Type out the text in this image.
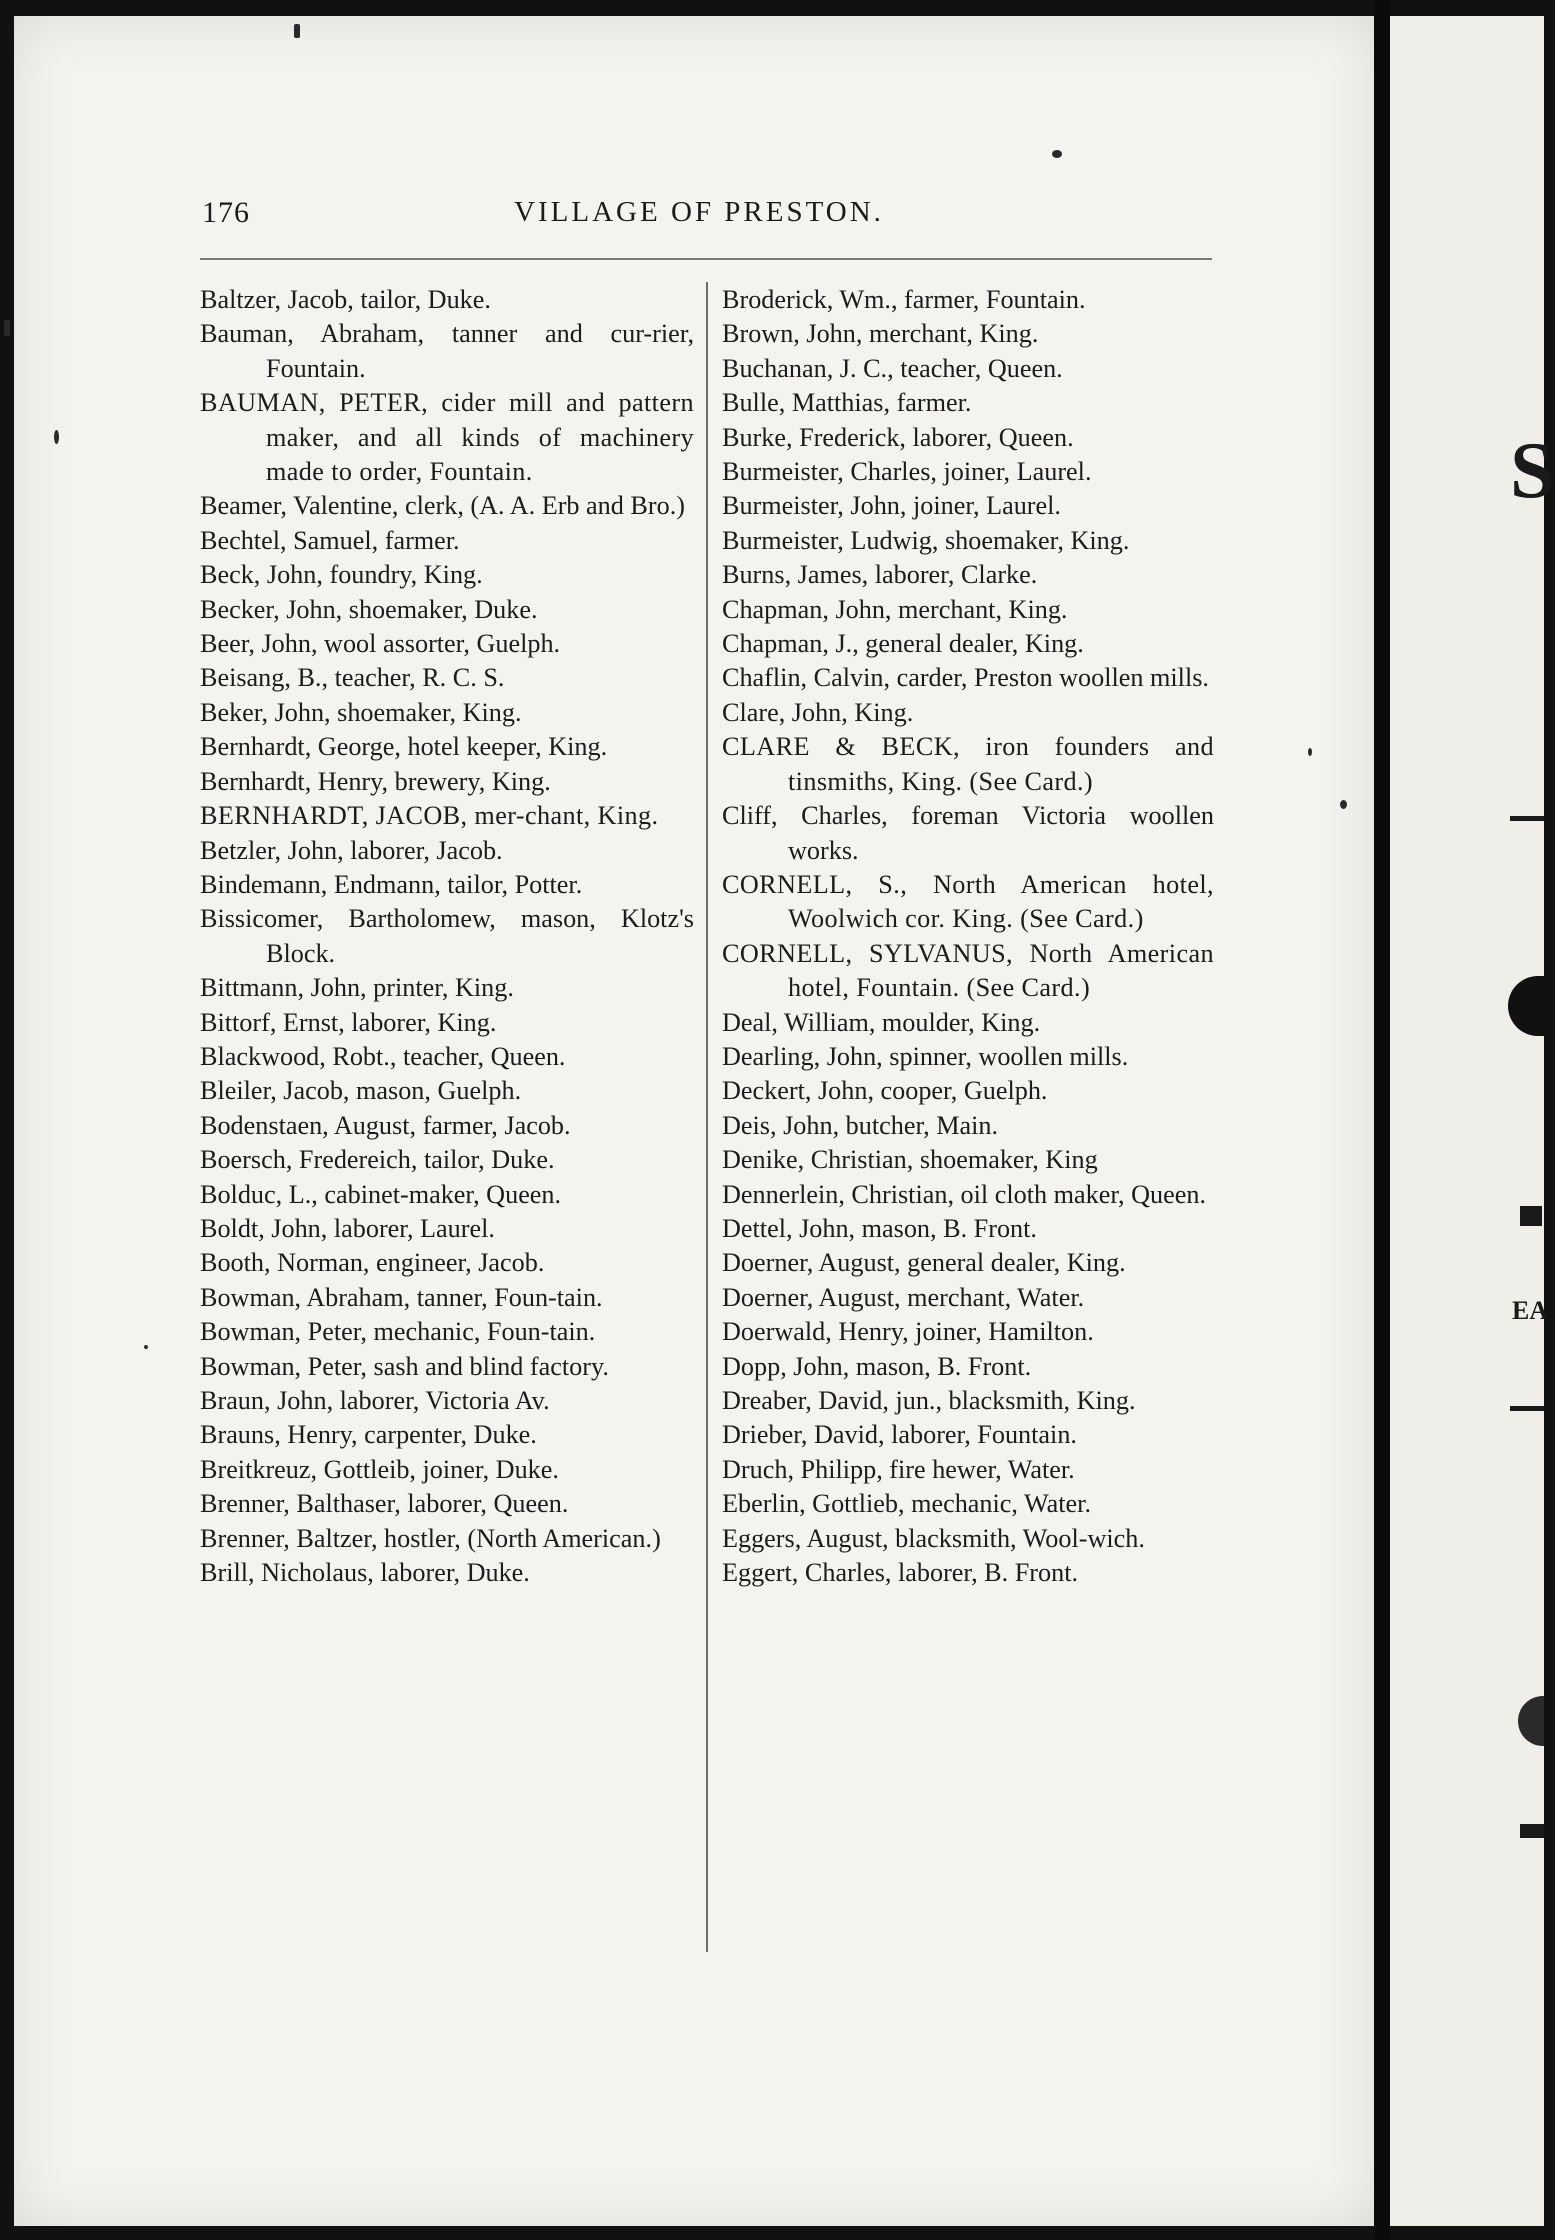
176	VILLAGE OF PRESTON.
Baltzer, Jacob, tailor, Duke.
Bauman, Abraham, tanner and cur-rier, Fountain.
BAUMAN, PETER, cider mill and pattern maker, and all kinds of machinery made to order, Fountain.
Beamer, Valentine, clerk, (A. A. Erb and Bro.)
Bechtel, Samuel, farmer.
Beck, John, foundry, King.
Becker, John, shoemaker, Duke.
Beer, John, wool assorter, Guelph.
Beisang, B., teacher, R. C. S.
Beker, John, shoemaker, King.
Bernhardt, George, hotel keeper, King.
Bernhardt, Henry, brewery, King.
BERNHARDT, JACOB, mer-chant, King.
Betzler, John, laborer, Jacob.
Bindemann, Endmann, tailor, Potter.
Bissicomer, Bartholomew, mason, Klotz's Block.
Bittmann, John, printer, King.
Bittorf, Ernst, laborer, King.
Blackwood, Robt., teacher, Queen.
Bleiler, Jacob, mason, Guelph.
Bodenstaen, August, farmer, Jacob.
Boersch, Fredereich, tailor, Duke.
Bolduc, L., cabinet-maker, Queen.
Boldt, John, laborer, Laurel.
Booth, Norman, engineer, Jacob.
Bowman, Abraham, tanner, Foun-tain.
Bowman, Peter, mechanic, Foun-tain.
Bowman, Peter, sash and blind factory.
Braun, John, laborer, Victoria Av.
Brauns, Henry, carpenter, Duke.
Breitkreuz, Gottleib, joiner, Duke.
Brenner, Balthaser, laborer, Queen.
Brenner, Baltzer, hostler, (North American.)
Brill, Nicholaus, laborer, Duke.
Broderick, Wm., farmer, Fountain.
Brown, John, merchant, King.
Buchanan, J. C., teacher, Queen.
Bulle, Matthias, farmer.
Burke, Frederick, laborer, Queen.
Burmeister, Charles, joiner, Laurel.
Burmeister, John, joiner, Laurel.
Burmeister, Ludwig, shoemaker, King.
Burns, James, laborer, Clarke.
Chapman, John, merchant, King.
Chapman, J., general dealer, King.
Chaflin, Calvin, carder, Preston woollen mills.
Clare, John, King.
CLARE & BECK, iron founders and tinsmiths, King. (See Card.)
Cliff, Charles, foreman Victoria woollen works.
CORNELL, S., North American hotel, Woolwich cor. King. (See Card.)
CORNELL, SYLVANUS, North American hotel, Fountain. (See Card.)
Deal, William, moulder, King.
Dearling, John, spinner, woollen mills.
Deckert, John, cooper, Guelph.
Deis, John, butcher, Main.
Denike, Christian, shoemaker, King
Dennerlein, Christian, oil cloth maker, Queen.
Dettel, John, mason, B. Front.
Doerner, August, general dealer, King.
Doerner, August, merchant, Water.
Doerwald, Henry, joiner, Hamilton.
Dopp, John, mason, B. Front.
Dreaber, David, jun., blacksmith, King.
Drieber, David, laborer, Fountain.
Druch, Philipp, fire hewer, Water.
Eberlin, Gottlieb, mechanic, Water.
Eggers, August, blacksmith, Wool-wich.
Eggert, Charles, laborer, B. Front.
S
EA
